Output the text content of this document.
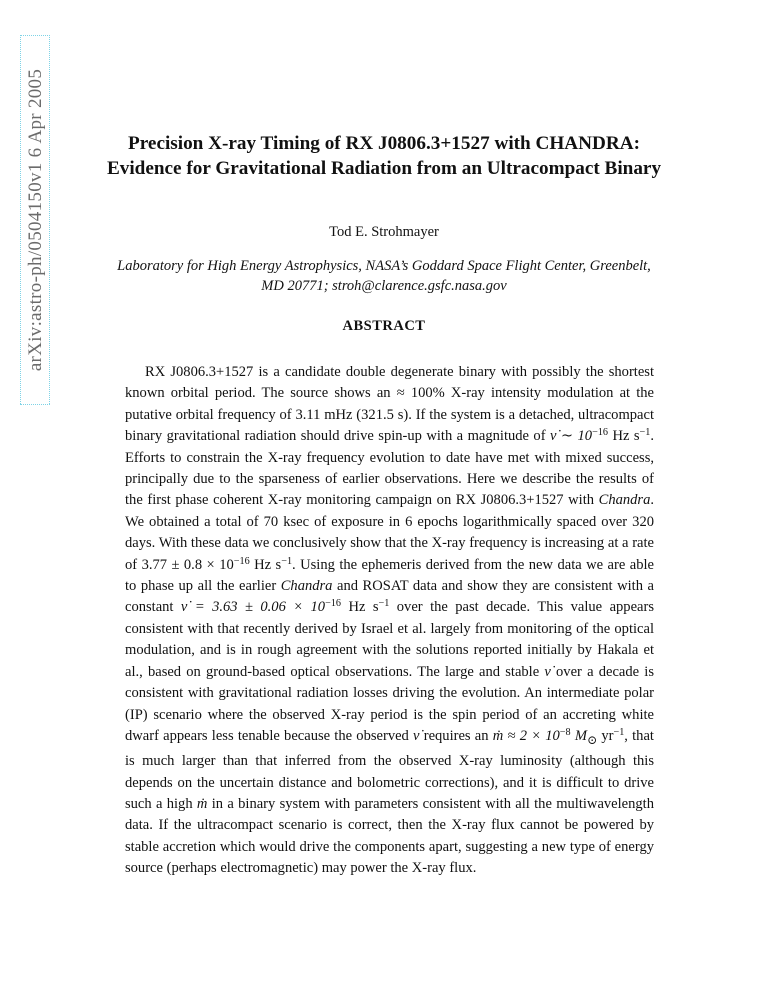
arXiv:astro-ph/0504150v1 6 Apr 2005	Precision X-ray Timing of RX J0806.3+1527 with CHANDRA: Evidence for Gravitational Radiation from an Ultracompact Binary
Tod E. Strohmayer
Laboratory for High Energy Astrophysics, NASA’s Goddard Space Flight Center, Greenbelt,
MD 20771; stroh@clarence.gsfc.nasa.gov
ABSTRACT

RX J0806.3+1527 is a candidate double degenerate binary with possibly the shortest known orbital period. The source shows an ≈ 100% X-ray intensity modulation at the putative orbital frequency of 3.11 mHz (321.5 s). If the system is a detached, ultracompact binary gravitational radiation should drive spin-up with a magnitude of ν̇ ∼ $10^{-16}$ Hz $s^{-1}$. Efforts to constrain the X-ray frequency evolution to date have met with mixed success, principally due to the sparseness of earlier observations. Here we describe the results of the first phase coherent X-ray monitoring campaign on RX J0806.3+1527 with Chandra. We obtained a total of 70 ksec of exposure in 6 epochs logarithmically spaced over 320 days. With these data we conclusively show that the X-ray frequency is increasing at a rate of $3.77 \pm 0.8 \times 10^{-16}$ Hz $s^{-1}$. Using the ephemeris derived from the new data we are able to phase up all the earlier Chandra and ROSAT data and show they are consistent with a constant ν̇ = $3.63 \pm 0.06 \times 10^{-16}$ Hz $s^{-1}$ over the past decade. This value appears consistent with that recently derived by Israel et al. largely from monitoring of the optical modulation, and is in rough agreement with the solutions reported initially by Hakala et al., based on ground-based optical observations. The large and stable ν̇ over a decade is consistent with gravitational radiation losses driving the evolution. An intermediate polar (IP) scenario where the observed X-ray period is the spin period of an accreting white dwarf appears less tenable because the observed ν̇ requires an ṁ ≈ $2 \times 10^{-8}$ $M_⊙$ $yr^{-1}$, that is much larger than that inferred from the observed X-ray luminosity (although this depends on the uncertain distance and bolometric corrections), and it is difficult to drive such a high ṁ in a binary system with parameters consistent with all the multiwavelength data. If the ultracompact scenario is correct, then the X-ray flux cannot be powered by stable accretion which would drive the components apart, suggesting a new type of energy source (perhaps electromagnetic) may power the X-ray flux.
